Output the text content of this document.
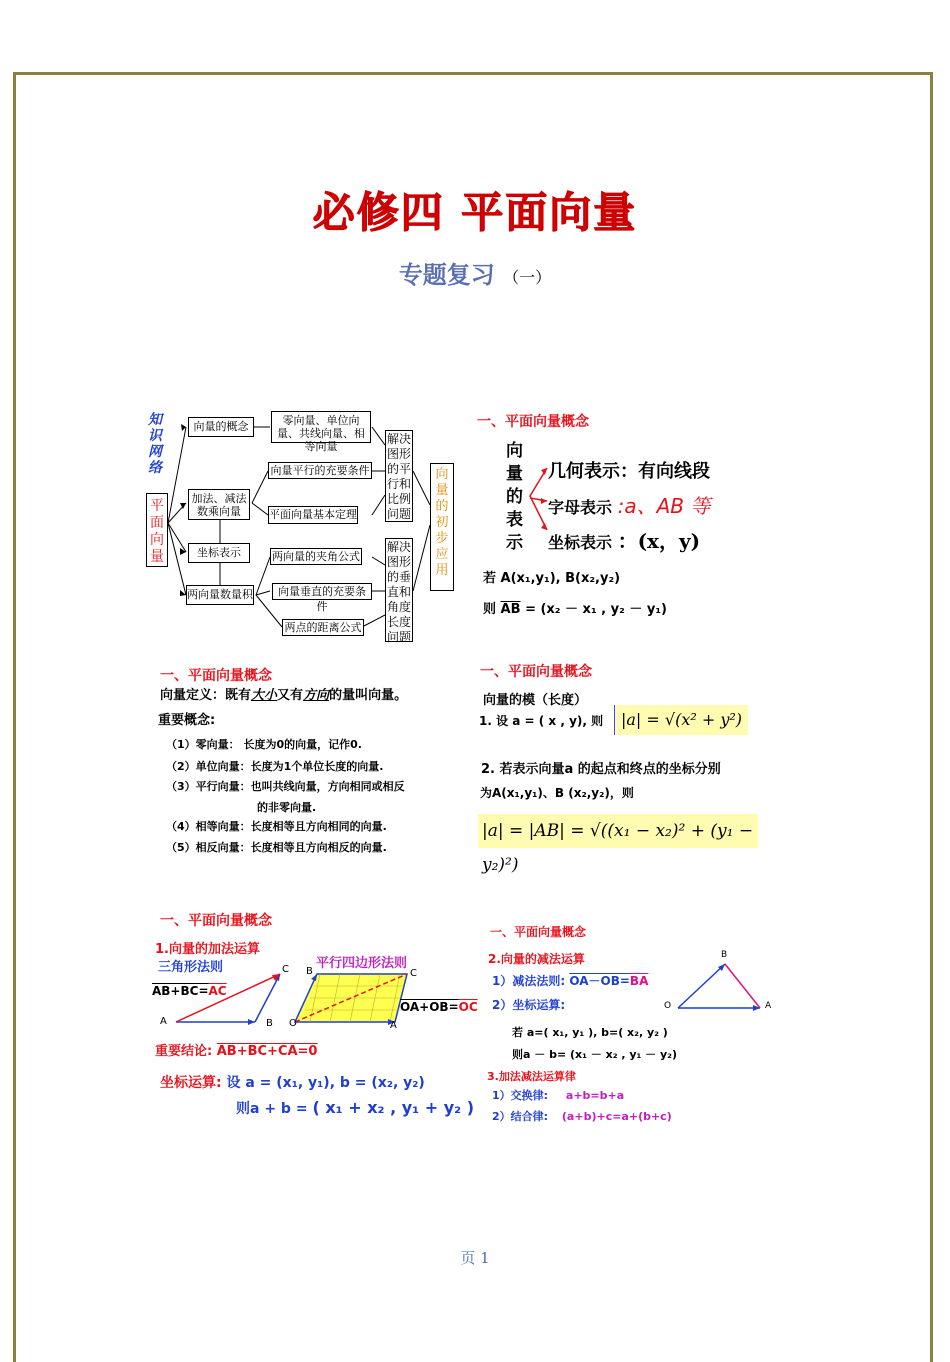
必修四 平面向量
专题复习 （一）
知识网络
平面向量
向量的概念	零向量、单位向量、共线向量、相等向量
加法、减法数乘向量
向量平行的充要条件
平面向量基本定理
坐标表示	两向量的夹角公式
两向量数量积	向量垂直的充要条件
两点的距离公式
解决图形的平行和比例问题
解决图形的垂直和角度长度问题
向量的初步应用
一、平面向量概念
向量的表示
几何表示：有向线段
字母表示 :a、AB 等
坐标表示 ：(x，y)
若 A(x₁,y₁), B(x₂,y₂)
则 $\overline{AB} = (x_2 - x_1$ , y₂ － y₁)
一、平面向量概念
向量定义：既有大小又有方向的量叫向量。
重要概念:
（1）零向量： 长度为0的向量，记作0.
（2）单位向量：长度为1个单位长度的向量.
（3）平行向量：也叫共线向量，方向相同或相反
的非零向量.
（4）相等向量：长度相等且方向相同的向量.
（5）相反向量：长度相等且方向相反的向量.
一、平面向量概念
向量的模（长度）
1. 设 a = ( x , y), 则	|a| = √(x² + y²)
2. 若表示向量a 的起点和终点的坐标分别
为A(x₁,y₁)、B (x₂,y₂)，则
|a| = |AB| = √((x₁ − x₂)² + (y₁ − y₂)²)
一、平面向量概念
1.向量的加法运算
三角形法则	平行四边形法则
A	B
C B	C
O	A
$AB+BC=\overline{AC}$
$OA+OB=\overline{OC}$
重要结论: AB+BC+CA=0
坐标运算: 设 a = (x₁, y₁), b = (x₂, y₂)
则a + b = ( x₁ + x₂ , y₁ + y₂ )
一、平面向量概念
2.向量的减法运算
1）减法法则: $OA-OB=\overline{BA}$
2）坐标运算:
若 a=( x₁, y₁ ), b=( x₂, y₂ )
则a － b= (x₁ － x₂ , y₁ － y₂)
3.加法减法运算律
1）交换律: a+b=b+a
2）结合律: (a+b)+c=a+(b+c)
B
O	A
页 1
